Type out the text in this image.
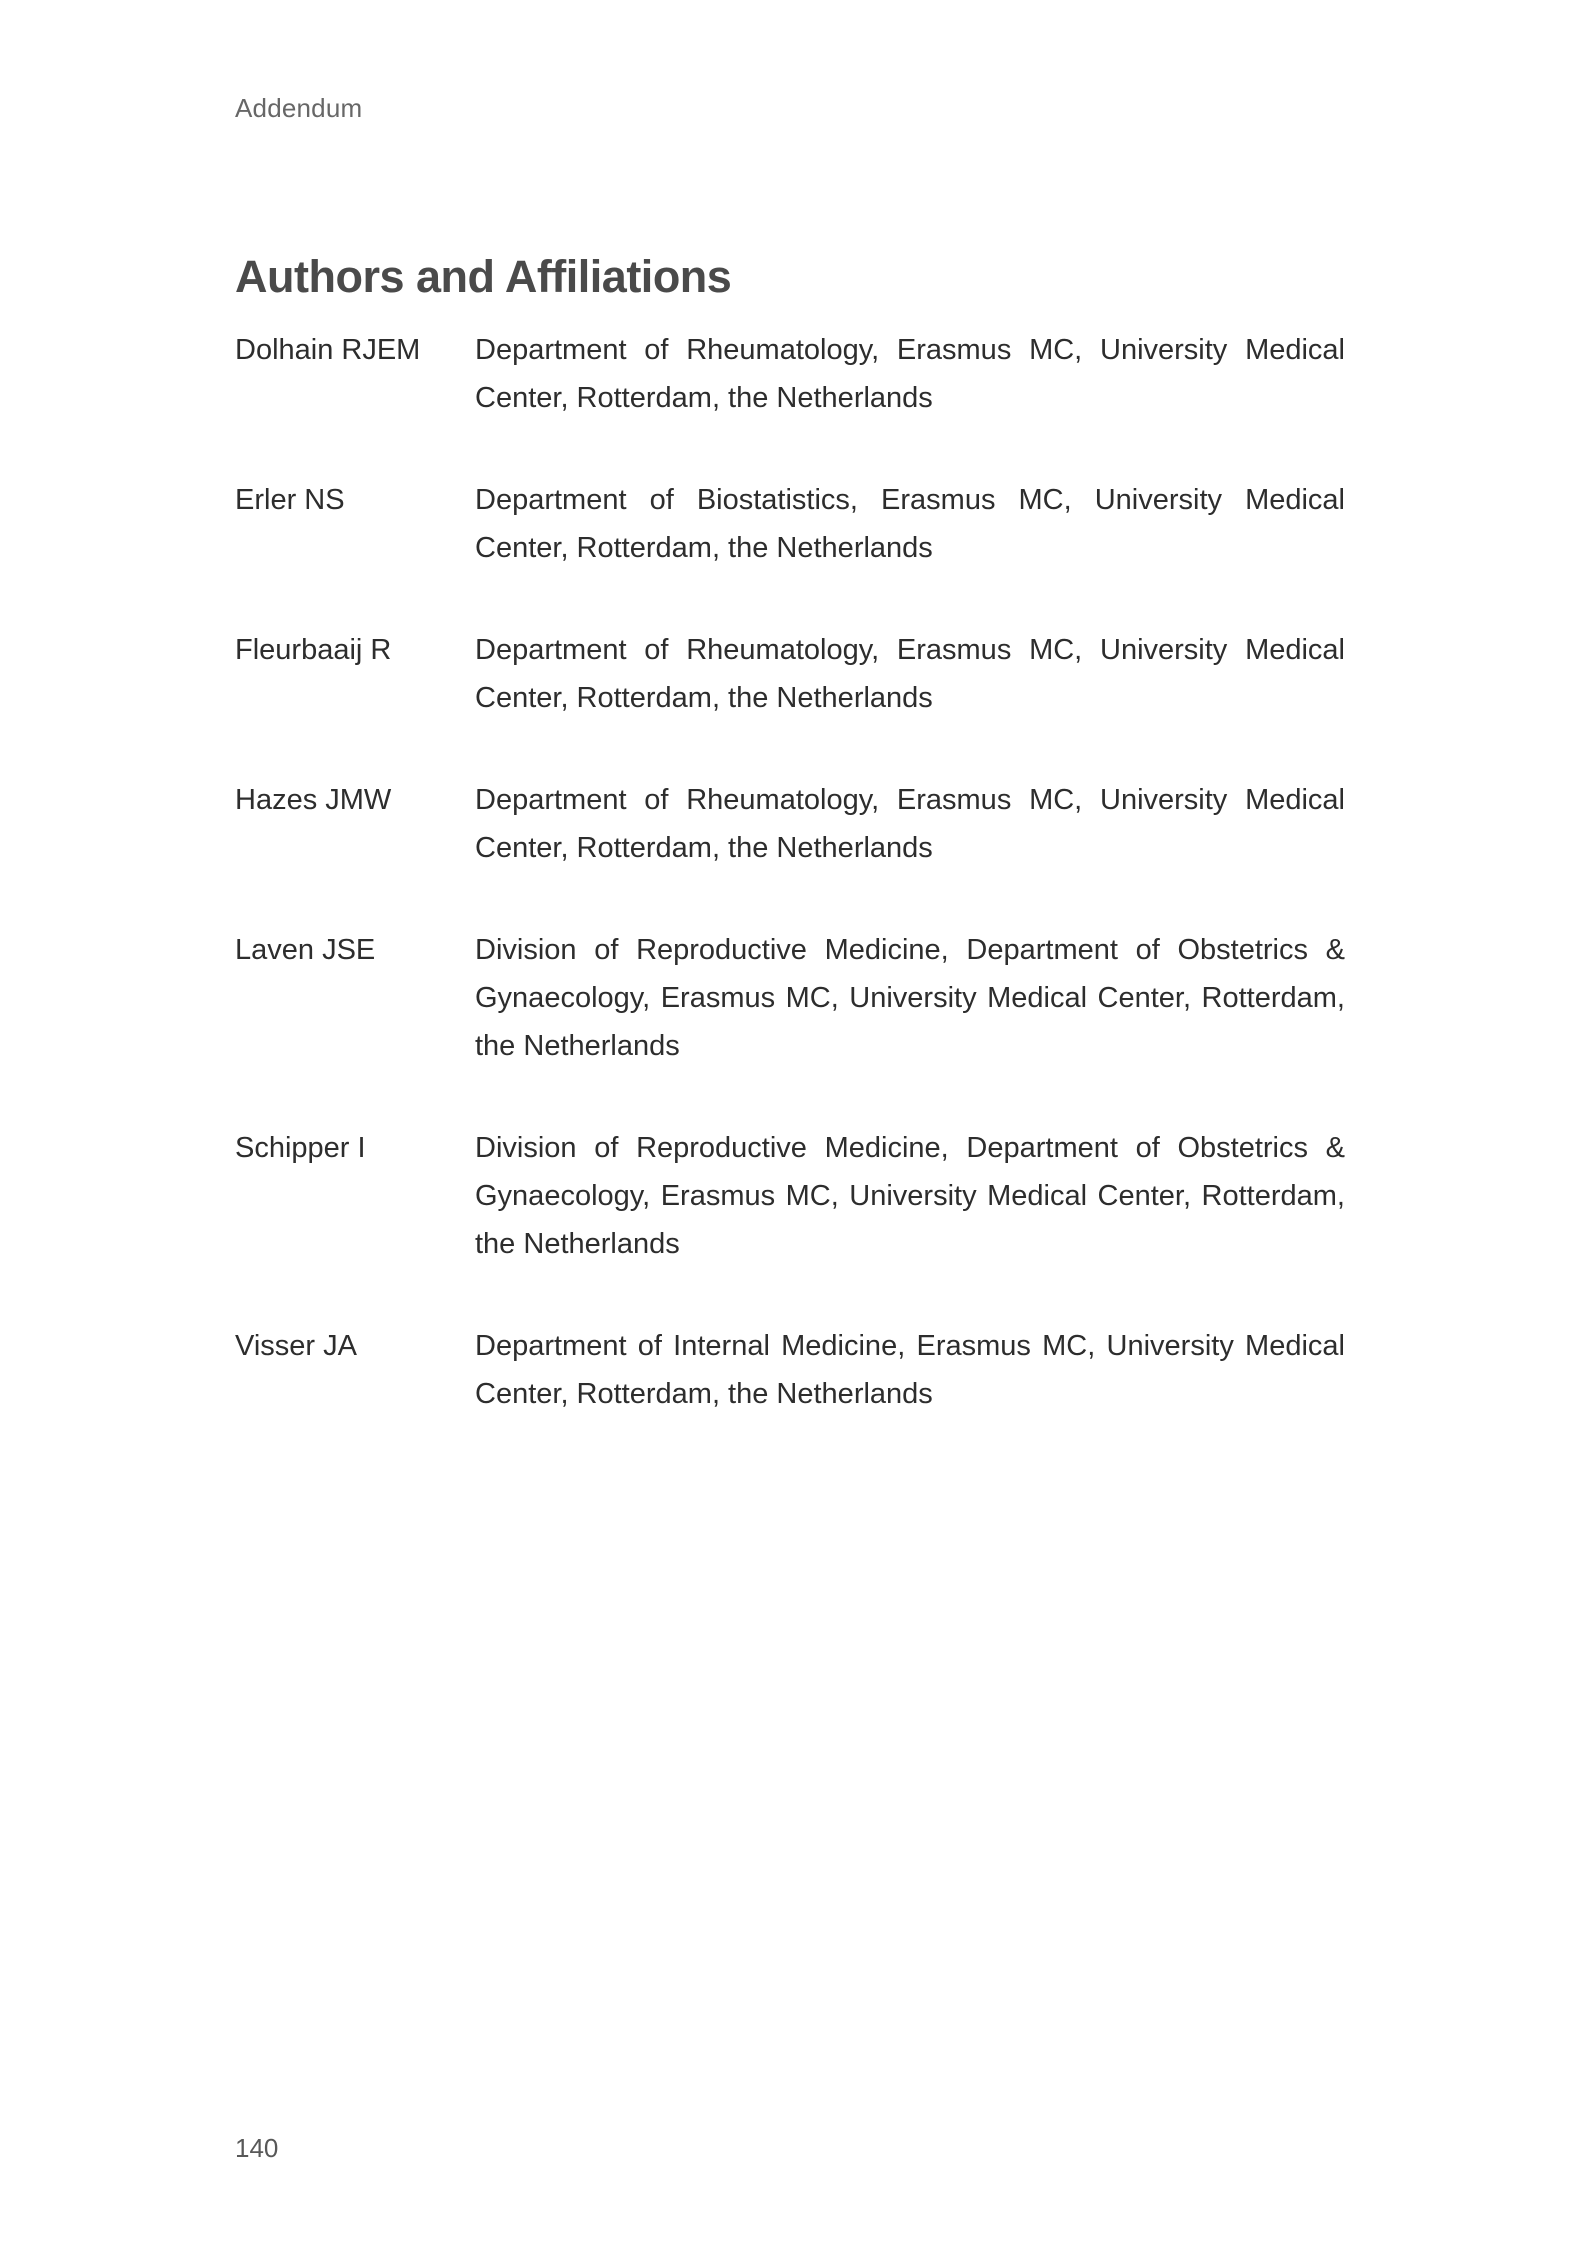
Addendum
Authors and Affiliations
Dolhain RJEM	Department of Rheumatology, Erasmus MC, University Medical Center, Rotterdam, the Netherlands
Erler NS	Department of Biostatistics, Erasmus MC, University Medical Center, Rotterdam, the Netherlands
Fleurbaaij R	Department of Rheumatology, Erasmus MC, University Medical Center, Rotterdam, the Netherlands
Hazes JMW	Department of Rheumatology, Erasmus MC, University Medical Center, Rotterdam, the Netherlands
Laven JSE	Division of Reproductive Medicine, Department of Obstetrics & Gynaecology, Erasmus MC, University Medical Center, Rotterdam, the Netherlands
Schipper I	Division of Reproductive Medicine, Department of Obstetrics & Gynaecology, Erasmus MC, University Medical Center, Rotterdam, the Netherlands
Visser JA	Department of Internal Medicine, Erasmus MC, University Medical Center, Rotterdam, the Netherlands
140
